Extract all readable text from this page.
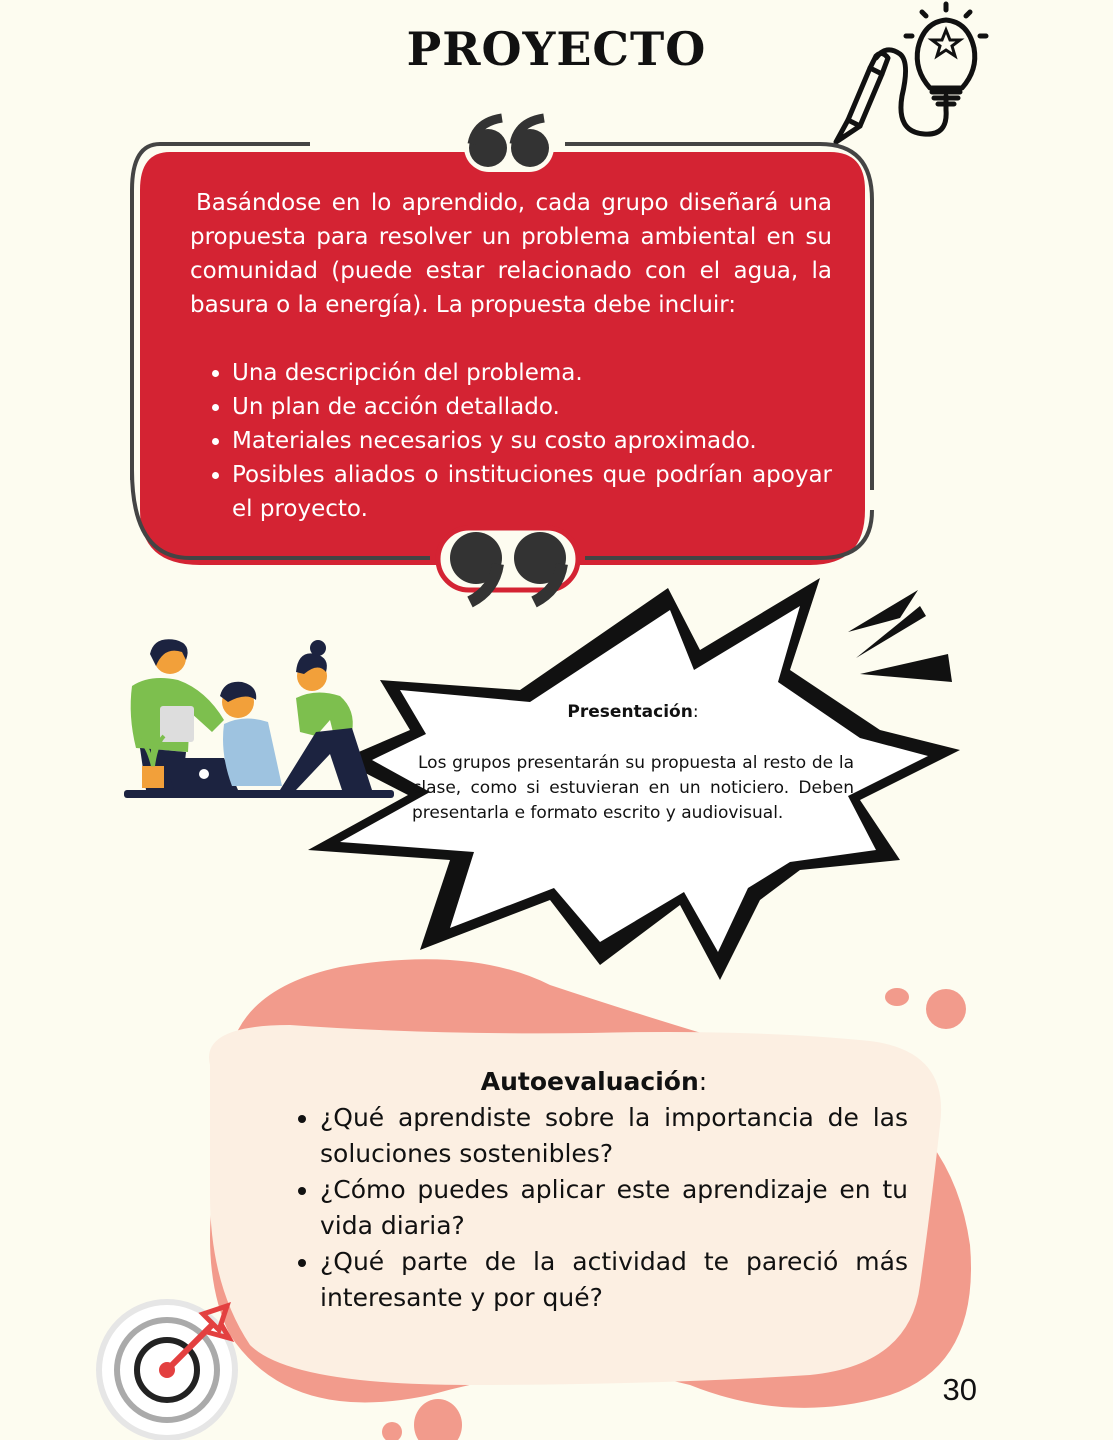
PROYECTO

Basándose en lo aprendido, cada grupo diseñará una propuesta para resolver un problema ambiental en su comunidad (puede estar relacionado con el agua, la basura o la energía). La propuesta debe incluir:

• Una descripción del problema.
• Un plan de acción detallado.
• Materiales necesarios y su costo aproximado.
• Posibles aliados o instituciones que podrían apoyar el proyecto.
Presentación:
Los grupos presentarán su propuesta al resto de la clase, como si estuvieran en un noticiero. Deben presentarla e formato escrito y audiovisual.
Autoevaluación:
• ¿Qué aprendiste sobre la importancia de las soluciones sostenibles?
• ¿Cómo puedes aplicar este aprendizaje en tu vida diaria?
• ¿Qué parte de la actividad te pareció más interesante y por qué?
30
